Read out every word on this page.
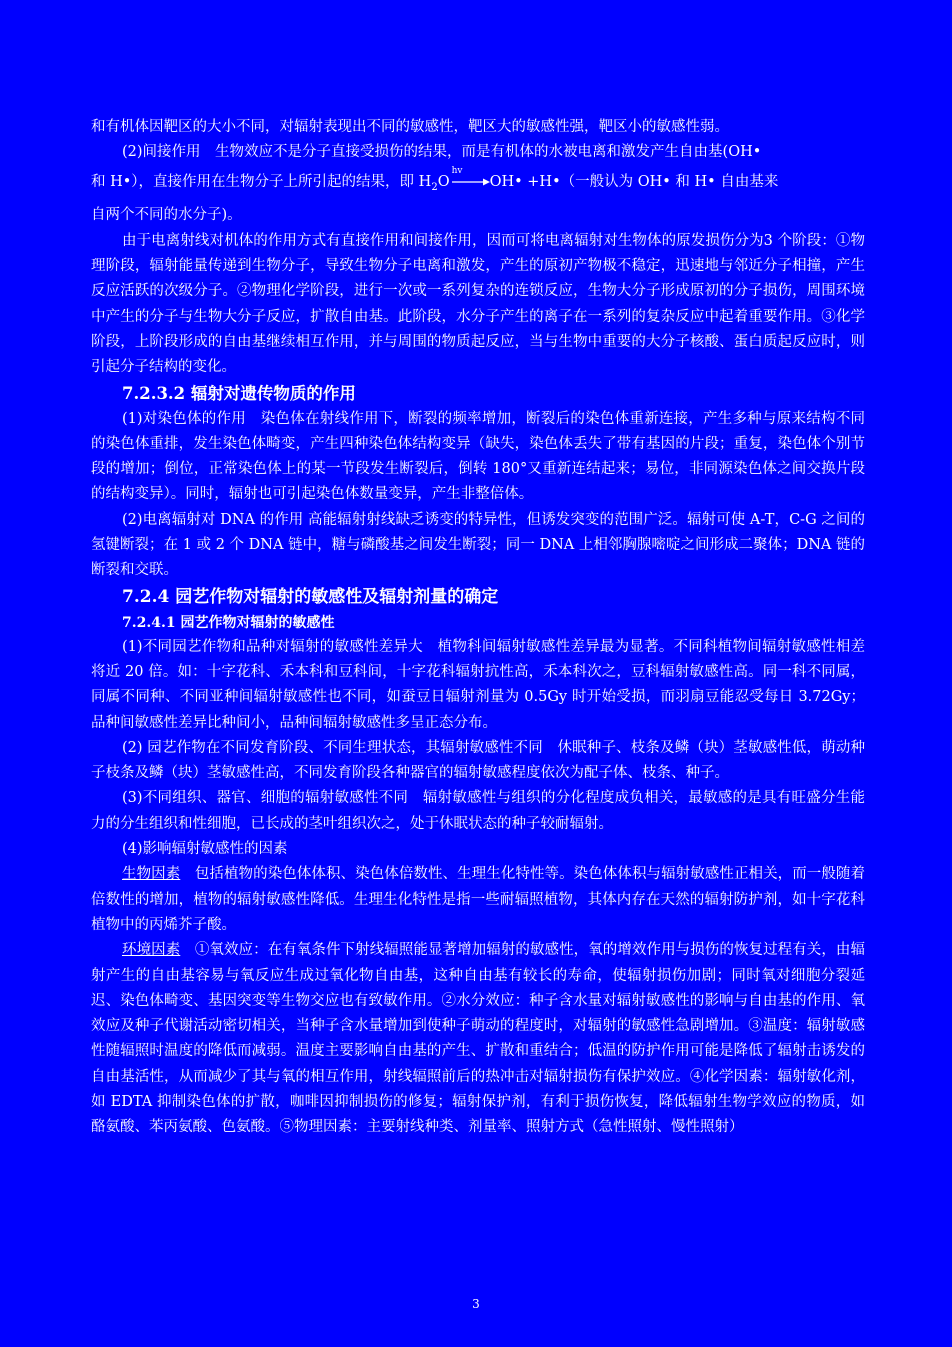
和有机体因靶区的大小不同，对辐射表现出不同的敏感性，靶区大的敏感性强，靶区小的敏感性弱。

(2)间接作用　生物效应不是分子直接受损伤的结果，而是有机体的水被电离和激发产生自由基(OH•

和 H•），直接作用在生物分子上所引起的结果，即 $H_2O$
hv
OH• +H•（一般认为 OH• 和 H• 自由基来

自两个不同的水分子)。

由于电离射线对机体的作用方式有直接作用和间接作用，因而可将电离辐射对生物体的原发损伤分为3 个阶段：①物理阶段，辐射能量传递到生物分子，导致生物分子电离和激发，产生的原初产物极不稳定，迅速地与邻近分子相撞，产生反应活跃的次级分子。②物理化学阶段，进行一次或一系列复杂的连锁反应，生物大分子形成原初的分子损伤，周围环境中产生的分子与生物大分子反应，扩散自由基。此阶段，水分子产生的离子在一系列的复杂反应中起着重要作用。③化学阶段，上阶段形成的自由基继续相互作用，并与周围的物质起反应，当与生物中重要的大分子核酸、蛋白质起反应时，则引起分子结构的变化。

7.2.3.2 辐射对遗传物质的作用

(1)对染色体的作用　染色体在射线作用下，断裂的频率增加，断裂后的染色体重新连接，产生多种与原来结构不同的染色体重排，发生染色体畸变，产生四种染色体结构变异（缺失，染色体丢失了带有基因的片段；重复，染色体个别节段的增加；倒位，正常染色体上的某一节段发生断裂后，倒转 180°又重新连结起来；易位，非同源染色体之间交换片段的结构变异）。同时，辐射也可引起染色体数量变异，产生非整倍体。

(2)电离辐射对 DNA 的作用 高能辐射射线缺乏诱变的特异性，但诱发突变的范围广泛。辐射可使 A-T，C-G 之间的氢键断裂；在 1 或 2 个 DNA 链中，糖与磷酸基之间发生断裂；同一 DNA 上相邻胸腺嘧啶之间形成二聚体；DNA 链的断裂和交联。

7.2.4 园艺作物对辐射的敏感性及辐射剂量的确定

7.2.4.1 园艺作物对辐射的敏感性

(1)不同园艺作物和品种对辐射的敏感性差异大　植物科间辐射敏感性差异最为显著。不同科植物间辐射敏感性相差将近 20 倍。如：十字花科、禾本科和豆科间，十字花科辐射抗性高，禾本科次之，豆科辐射敏感性高。同一科不同属，同属不同种、不同亚种间辐射敏感性也不同，如蚕豆日辐射剂量为 0.5Gy 时开始受损，而羽扇豆能忍受每日 3.72Gy；品种间敏感性差异比种间小，品种间辐射敏感性多呈正态分布。

(2) 园艺作物在不同发育阶段、不同生理状态，其辐射敏感性不同　休眠种子、枝条及鳞（块）茎敏感性低，萌动种子枝条及鳞（块）茎敏感性高，不同发育阶段各种器官的辐射敏感程度依次为配子体、枝条、种子。

(3)不同组织、器官、细胞的辐射敏感性不同　辐射敏感性与组织的分化程度成负相关，最敏感的是具有旺盛分生能力的分生组织和性细胞，已长成的茎叶组织次之，处于休眠状态的种子较耐辐射。

(4)影响辐射敏感性的因素

生物因素　包括植物的染色体体积、染色体倍数性、生理生化特性等。染色体体积与辐射敏感性正相关，而一般随着倍数性的增加，植物的辐射敏感性降低。生理生化特性是指一些耐辐照植物，其体内存在天然的辐射防护剂，如十字花科植物中的丙烯芥子酸。

环境因素　①氧效应：在有氧条件下射线辐照能显著增加辐射的敏感性，氧的增效作用与损伤的恢复过程有关，由辐射产生的自由基容易与氧反应生成过氧化物自由基，这种自由基有较长的寿命，使辐射损伤加剧；同时氧对细胞分裂延迟、染色体畸变、基因突变等生物交应也有致敏作用。②水分效应：种子含水量对辐射敏感性的影响与自由基的作用、氧效应及种子代谢活动密切相关，当种子含水量增加到使种子萌动的程度时，对辐射的敏感性急剧增加。③温度：辐射敏感性随辐照时温度的降低而减弱。温度主要影响自由基的产生、扩散和重结合；低温的防护作用可能是降低了辐射击诱发的自由基活性，从而减少了其与氧的相互作用，射线辐照前后的热冲击对辐射损伤有保护效应。④化学因素：辐射敏化剂，如 EDTA 抑制染色体的扩散，咖啡因抑制损伤的修复；辐射保护剂，有利于损伤恢复，降低辐射生物学效应的物质，如酪氨酸、苯丙氨酸、色氨酸。⑤物理因素：主要射线种类、剂量率、照射方式（急性照射、慢性照射）

3
